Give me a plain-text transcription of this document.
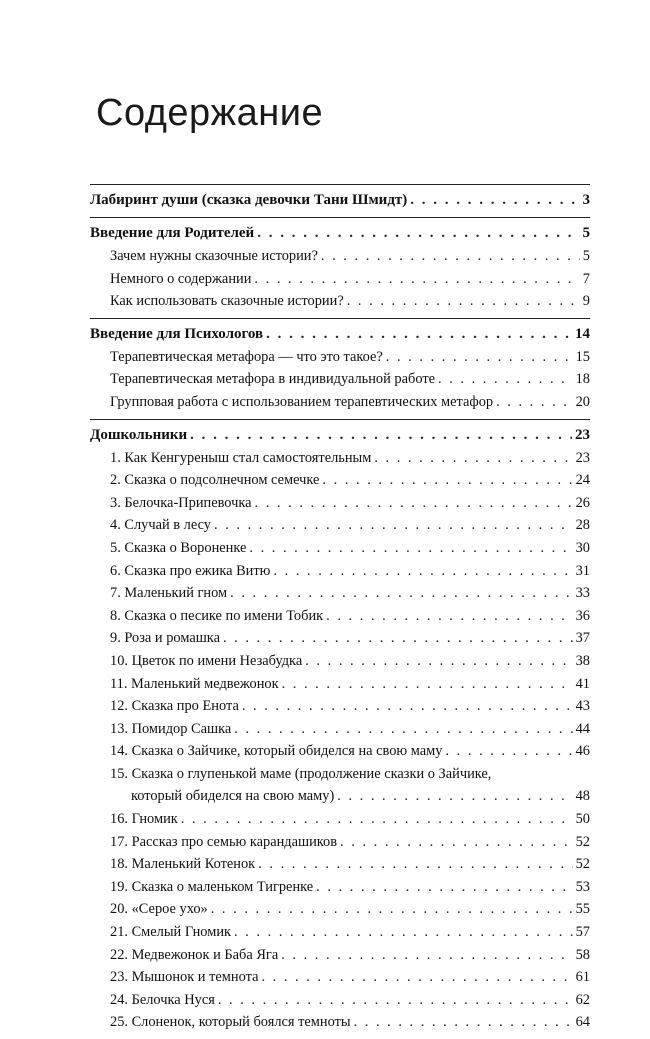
Содержание
Лабиринт души (сказка девочки Тани Шмидт) . . .	3
Введение для Родителей . . .	5
Зачем нужны сказочные истории? . . .	5
Немного о содержании . . .	7
Как использовать сказочные истории? . . .	9
Введение для Психологов . . .	14
Терапевтическая метафора — что это такое? . . .	15
Терапевтическая метафора в индивидуальной работе . . .	18
Групповая работа с использованием терапевтических метафор . . .	20
Дошкольники . . .	23
1. Как Кенгуреныш стал самостоятельным . . .	23
2. Сказка о подсолнечном семечке . . .	24
3. Белочка-Припевочка . . .	26
4. Случай в лесу . . .	28
5. Сказка о Вороненке . . .	30
6. Сказка про ежика Витю . . .	31
7. Маленький гном . . .	33
8. Сказка о песике по имени Тобик . . .	36
9. Роза и ромашка . . .	37
10. Цветок по имени Незабудка . . .	38
11. Маленький медвежонок . . .	41
12. Сказка про Енота . . .	43
13. Помидор Сашка . . .	44
14. Сказка о Зайчике, который обиделся на свою маму . . .	46
15. Сказка о глупенькой маме (продолжение сказки о Зайчике,
который обиделся на свою маму) . . .	48
16. Гномик . . .	50
17. Рассказ про семью карандашиков . . .	52
18. Маленький Котенок . . .	52
19. Сказка о маленьком Тигренке . . .	53
20. «Серое ухо» . . .	55
21. Смелый Гномик . . .	57
22. Медвежонок и Баба Яга . . .	58
23. Мышонок и темнота . . .	61
24. Белочка Нуся . . .	62
25. Слоненок, который боялся темноты . . .	64
